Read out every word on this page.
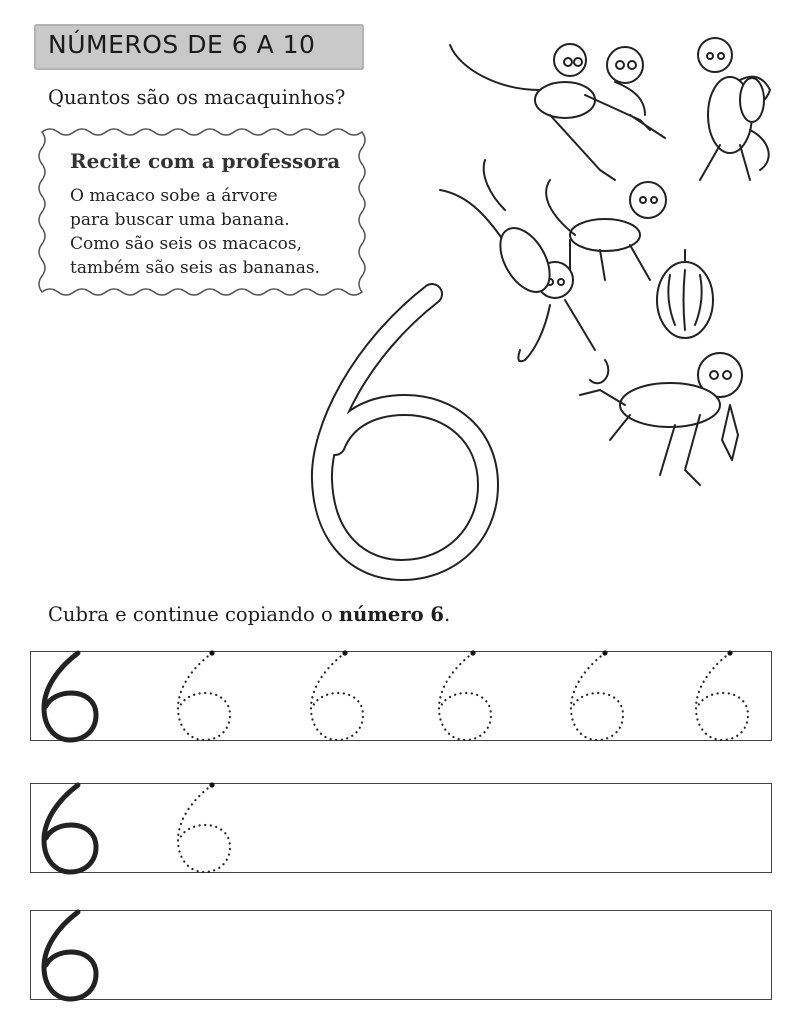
NÚMEROS DE 6 A 10
Quantos são os macaquinhos?
Recite com a professora
O macaco sobe a árvore
para buscar uma banana.
Como são seis os macacos,
também são seis as bananas.
Cubra e continue copiando o número 6.
